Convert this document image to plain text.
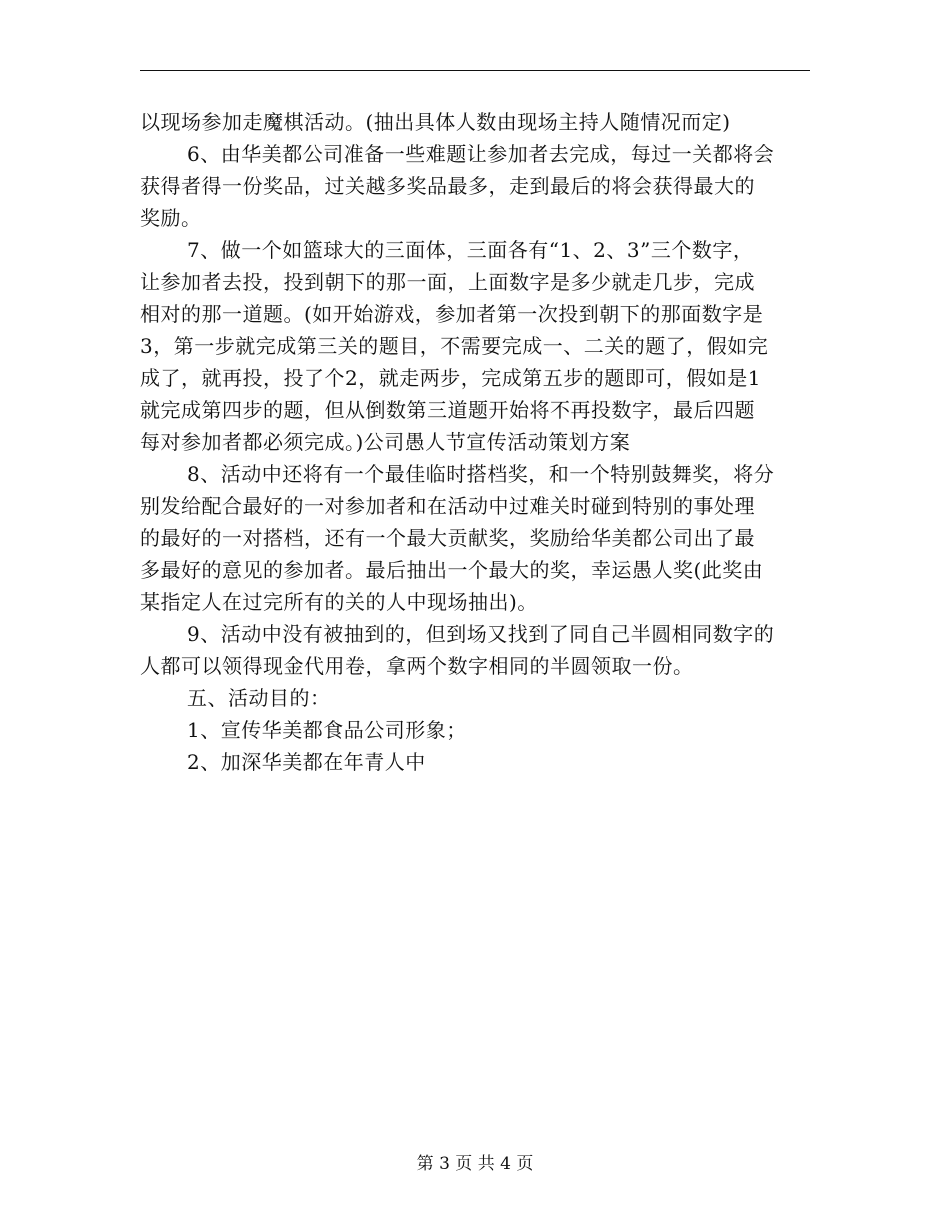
以现场参加走魔棋活动。(抽出具体人数由现场主持人随情况而定)
6、由华美都公司准备一些难题让参加者去完成，每过一关都将会
获得者得一份奖品，过关越多奖品最多，走到最后的将会获得最大的
奖励。
7、做一个如篮球大的三面体，三面各有“1、2、3”三个数字，
让参加者去投，投到朝下的那一面，上面数字是多少就走几步，完成
相对的那一道题。(如开始游戏，参加者第一次投到朝下的那面数字是
3，第一步就完成第三关的题目，不需要完成一、二关的题了，假如完
成了，就再投，投了个2，就走两步，完成第五步的题即可，假如是1
就完成第四步的题，但从倒数第三道题开始将不再投数字，最后四题
每对参加者都必须完成。)公司愚人节宣传活动策划方案
8、活动中还将有一个最佳临时搭档奖，和一个特别鼓舞奖，将分
别发给配合最好的一对参加者和在活动中过难关时碰到特别的事处理
的最好的一对搭档，还有一个最大贡献奖，奖励给华美都公司出了最
多最好的意见的参加者。最后抽出一个最大的奖，幸运愚人奖(此奖由
某指定人在过完所有的关的人中现场抽出)。
9、活动中没有被抽到的，但到场又找到了同自己半圆相同数字的
人都可以领得现金代用卷，拿两个数字相同的半圆领取一份。
五、活动目的：
1、宣传华美都食品公司形象；
2、加深华美都在年青人中
第 3 页 共 4 页
